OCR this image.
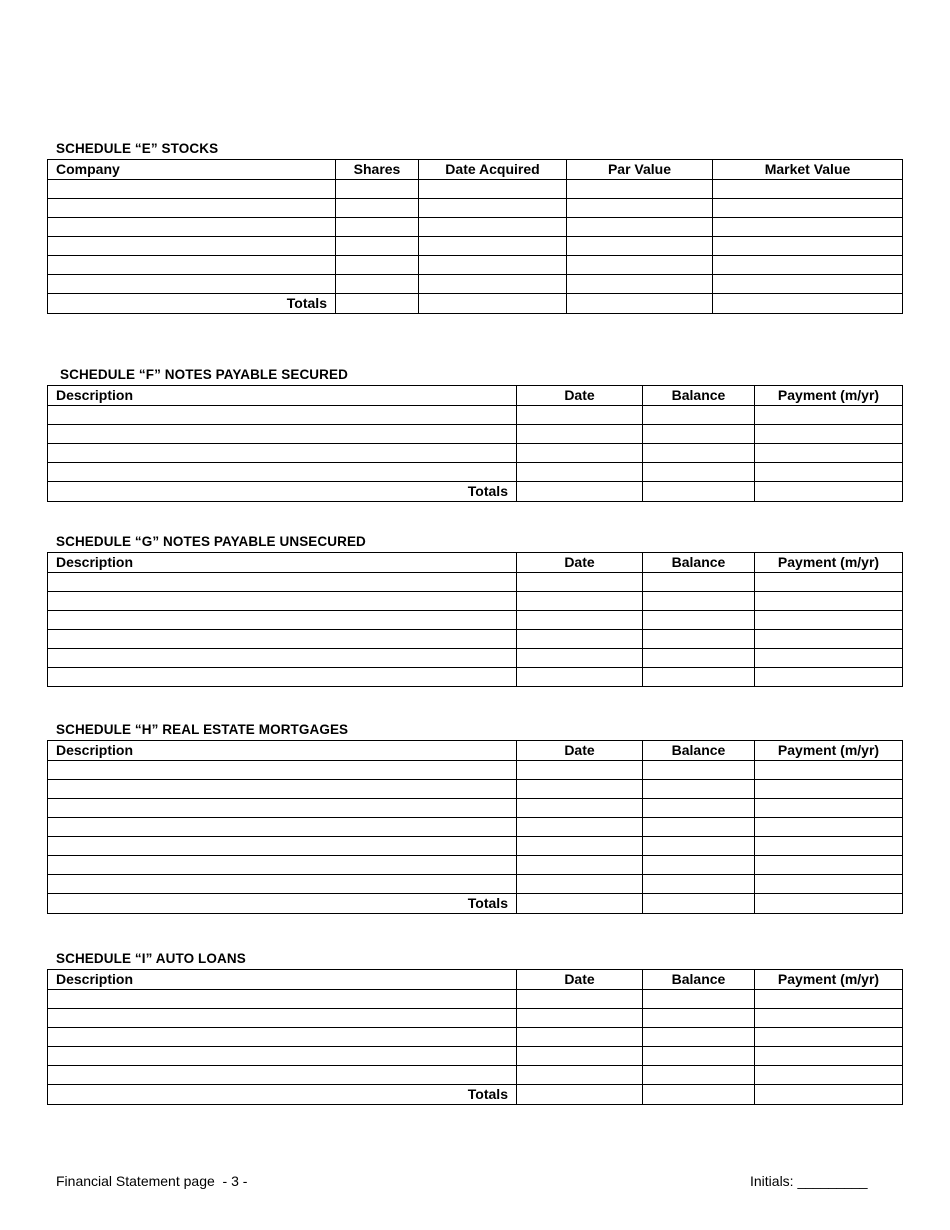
SCHEDULE “E” STOCKS
Company	Shares	Date Acquired	Par Value	Market Value

Totals				
SCHEDULE “F” NOTES PAYABLE SECURED
Description	Date	Balance	Payment (m/yr)

Totals			
SCHEDULE “G” NOTES PAYABLE UNSECURED
Description	Date	Balance	Payment (m/yr)

SCHEDULE “H” REAL ESTATE MORTGAGES
Description	Date	Balance	Payment (m/yr)

Totals			
SCHEDULE “I” AUTO LOANS
Description	Date	Balance	Payment (m/yr)

Totals			
Financial Statement page  - 3 -	Initials: _________
